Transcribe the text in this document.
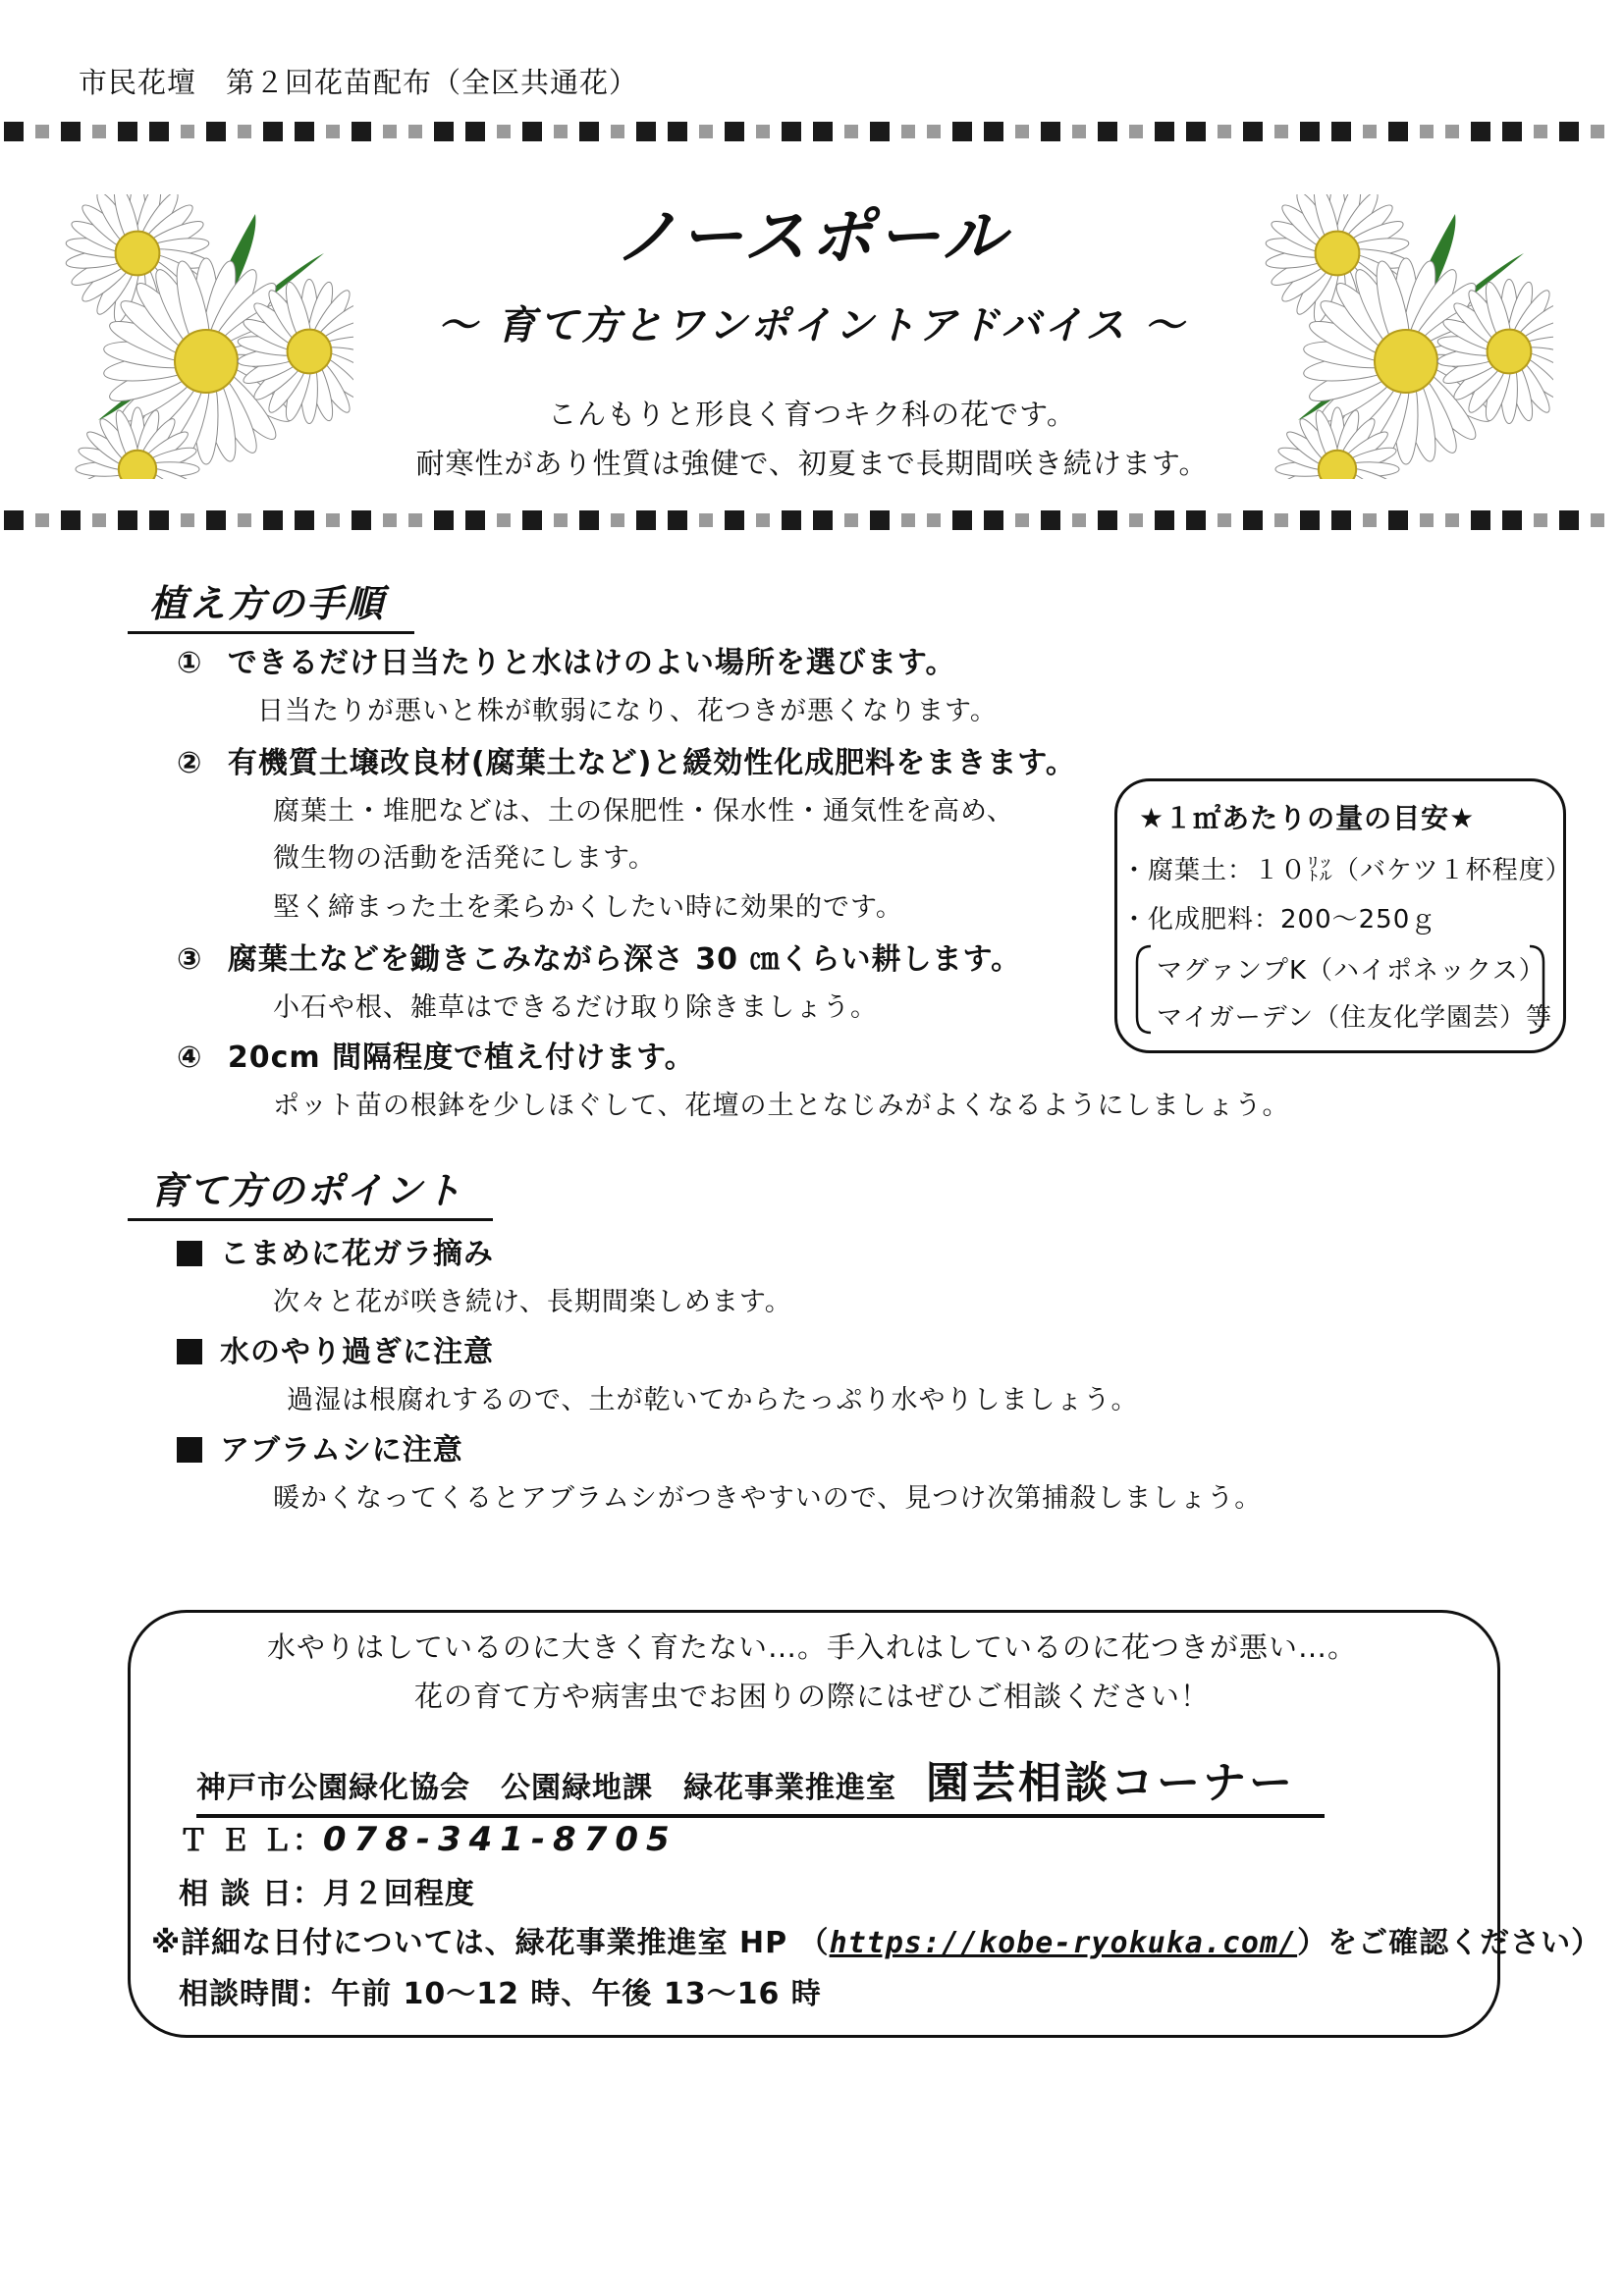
市民花壇　第２回花苗配布（全区共通花）
ノースポール
～ 育て方とワンポイントアドバイス ～
こんもりと形良く育つキク科の花です。
耐寒性があり性質は強健で、初夏まで長期間咲き続けます。
植え方の手順
① できるだけ日当たりと水はけのよい場所を選びます。
日当たりが悪いと株が軟弱になり、花つきが悪くなります。
② 有機質土壌改良材(腐葉土など)と緩効性化成肥料をまきます。
腐葉土・堆肥などは、土の保肥性・保水性・通気性を高め、
微生物の活動を活発にします。
堅く締まった土を柔らかくしたい時に効果的です。
③ 腐葉土などを鋤きこみながら深さ 30 ㎝くらい耕します。
小石や根、雑草はできるだけ取り除きましょう。
④ 20cm 間隔程度で植え付けます。
ポット苗の根鉢を少しほぐして、花壇の土となじみがよくなるようにしましょう。
★１㎡あたりの量の目安★
・腐葉土：１０㍑（バケツ１杯程度）
・化成肥料：200～250ｇ
マグァンプK（ハイポネックス）
マイガーデン（住友化学園芸）等
育て方のポイント
こまめに花ガラ摘み
次々と花が咲き続け、長期間楽しめます。
水のやり過ぎに注意
過湿は根腐れするので、土が乾いてからたっぷり水やりしましょう。
アブラムシに注意
暖かくなってくるとアブラムシがつきやすいので、見つけ次第捕殺しましょう。
水やりはしているのに大きく育たない…。手入れはしているのに花つきが悪い…。
花の育て方や病害虫でお困りの際にはぜひご相談ください！
神戸市公園緑化協会　公園緑地課　緑花事業推進室 園芸相談コーナー
Ｔ Ｅ Ｌ：078-341-8705
相 談 日：月２回程度
※詳細な日付については、緑花事業推進室 HP （https://kobe-ryokuka.com/）をご確認ください）
相談時間：午前 10～12 時、午後 13～16 時
